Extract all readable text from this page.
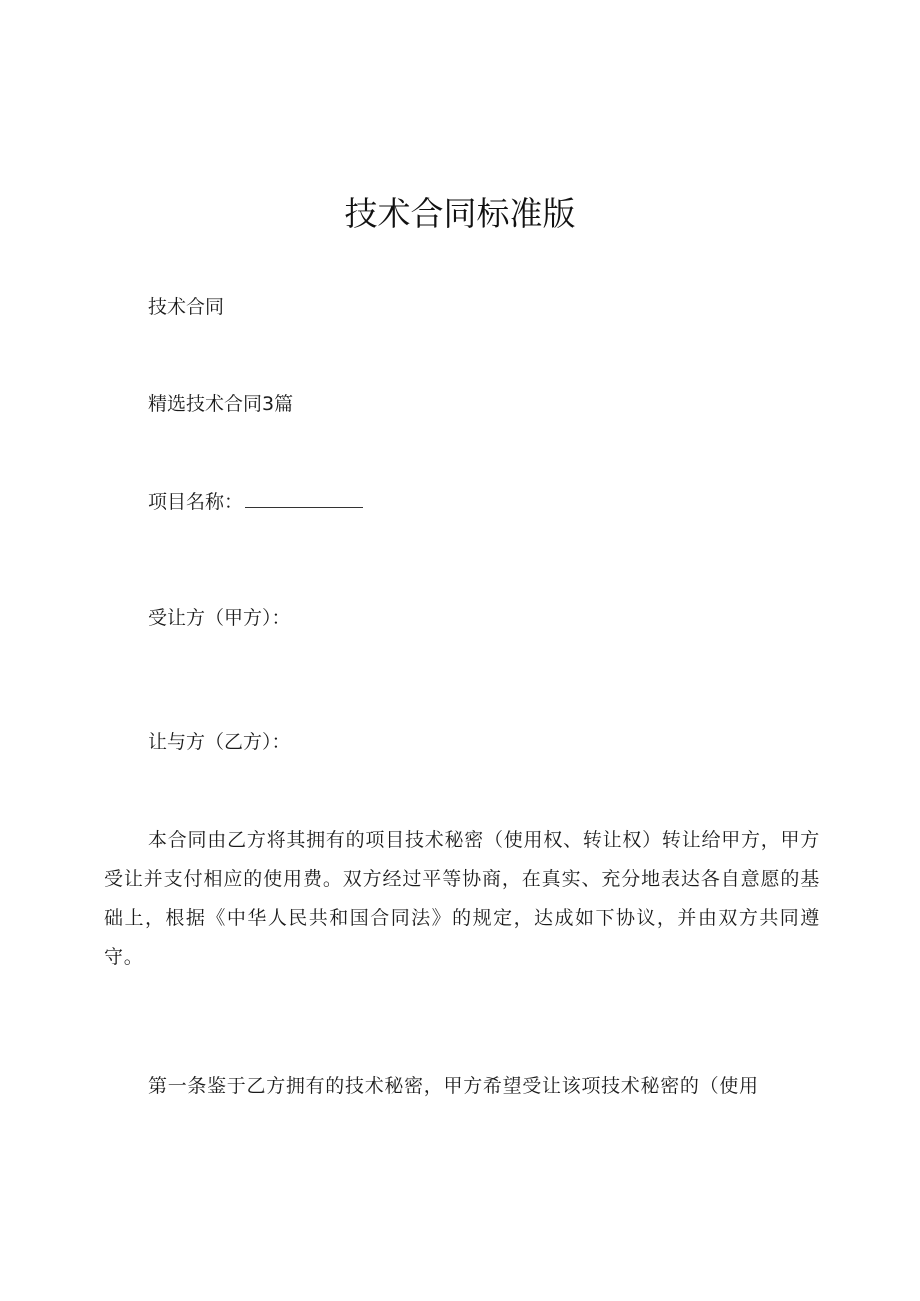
技术合同标准版
技术合同
精选技术合同3篇
项目名称：
受让方（甲方）：
让与方（乙方）：
本合同由乙方将其拥有的项目技术秘密（使用权、转让权）转让给甲方，甲方受让并支付相应的使用费。双方经过平等协商，在真实、充分地表达各自意愿的基础上，根据《中华人民共和国合同法》的规定，达成如下协议，并由双方共同遵守。
第一条鉴于乙方拥有的技术秘密，甲方希望受让该项技术秘密的（使用
